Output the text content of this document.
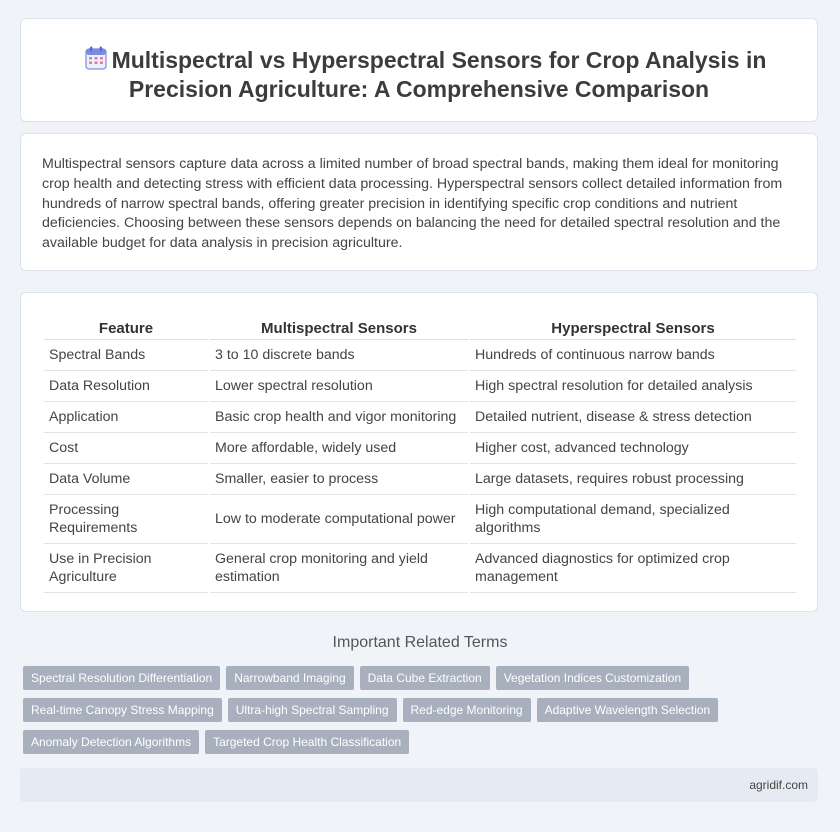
Multispectral vs Hyperspectral Sensors for Crop Analysis in
Precision Agriculture: A Comprehensive Comparison

Multispectral sensors capture data across a limited number of broad spectral bands, making them ideal for monitoring crop health and detecting stress with efficient data processing. Hyperspectral sensors collect detailed information from hundreds of narrow spectral bands, offering greater precision in identifying specific crop conditions and nutrient deficiencies. Choosing between these sensors depends on balancing the need for detailed spectral resolution and the available budget for data analysis in precision agriculture.

Feature	Multispectral Sensors	Hyperspectral Sensors
Spectral Bands	3 to 10 discrete bands	Hundreds of continuous narrow bands
Data Resolution	Lower spectral resolution	High spectral resolution for detailed analysis
Application	Basic crop health and vigor monitoring	Detailed nutrient, disease & stress detection
Cost	More affordable, widely used	Higher cost, advanced technology
Data Volume	Smaller, easier to process	Large datasets, requires robust processing
Processing Requirements	Low to moderate computational power	High computational demand, specialized algorithms
Use in Precision Agriculture	General crop monitoring and yield estimation	Advanced diagnostics for optimized crop management
Important Related Terms
Spectral Resolution Differentiation	Narrowband Imaging	Data Cube Extraction	Vegetation Indices Customization
Real-time Canopy Stress Mapping	Ultra-high Spectral Sampling	Red-edge Monitoring	Adaptive Wavelength Selection
Anomaly Detection Algorithms	Targeted Crop Health Classification
agridif.com
